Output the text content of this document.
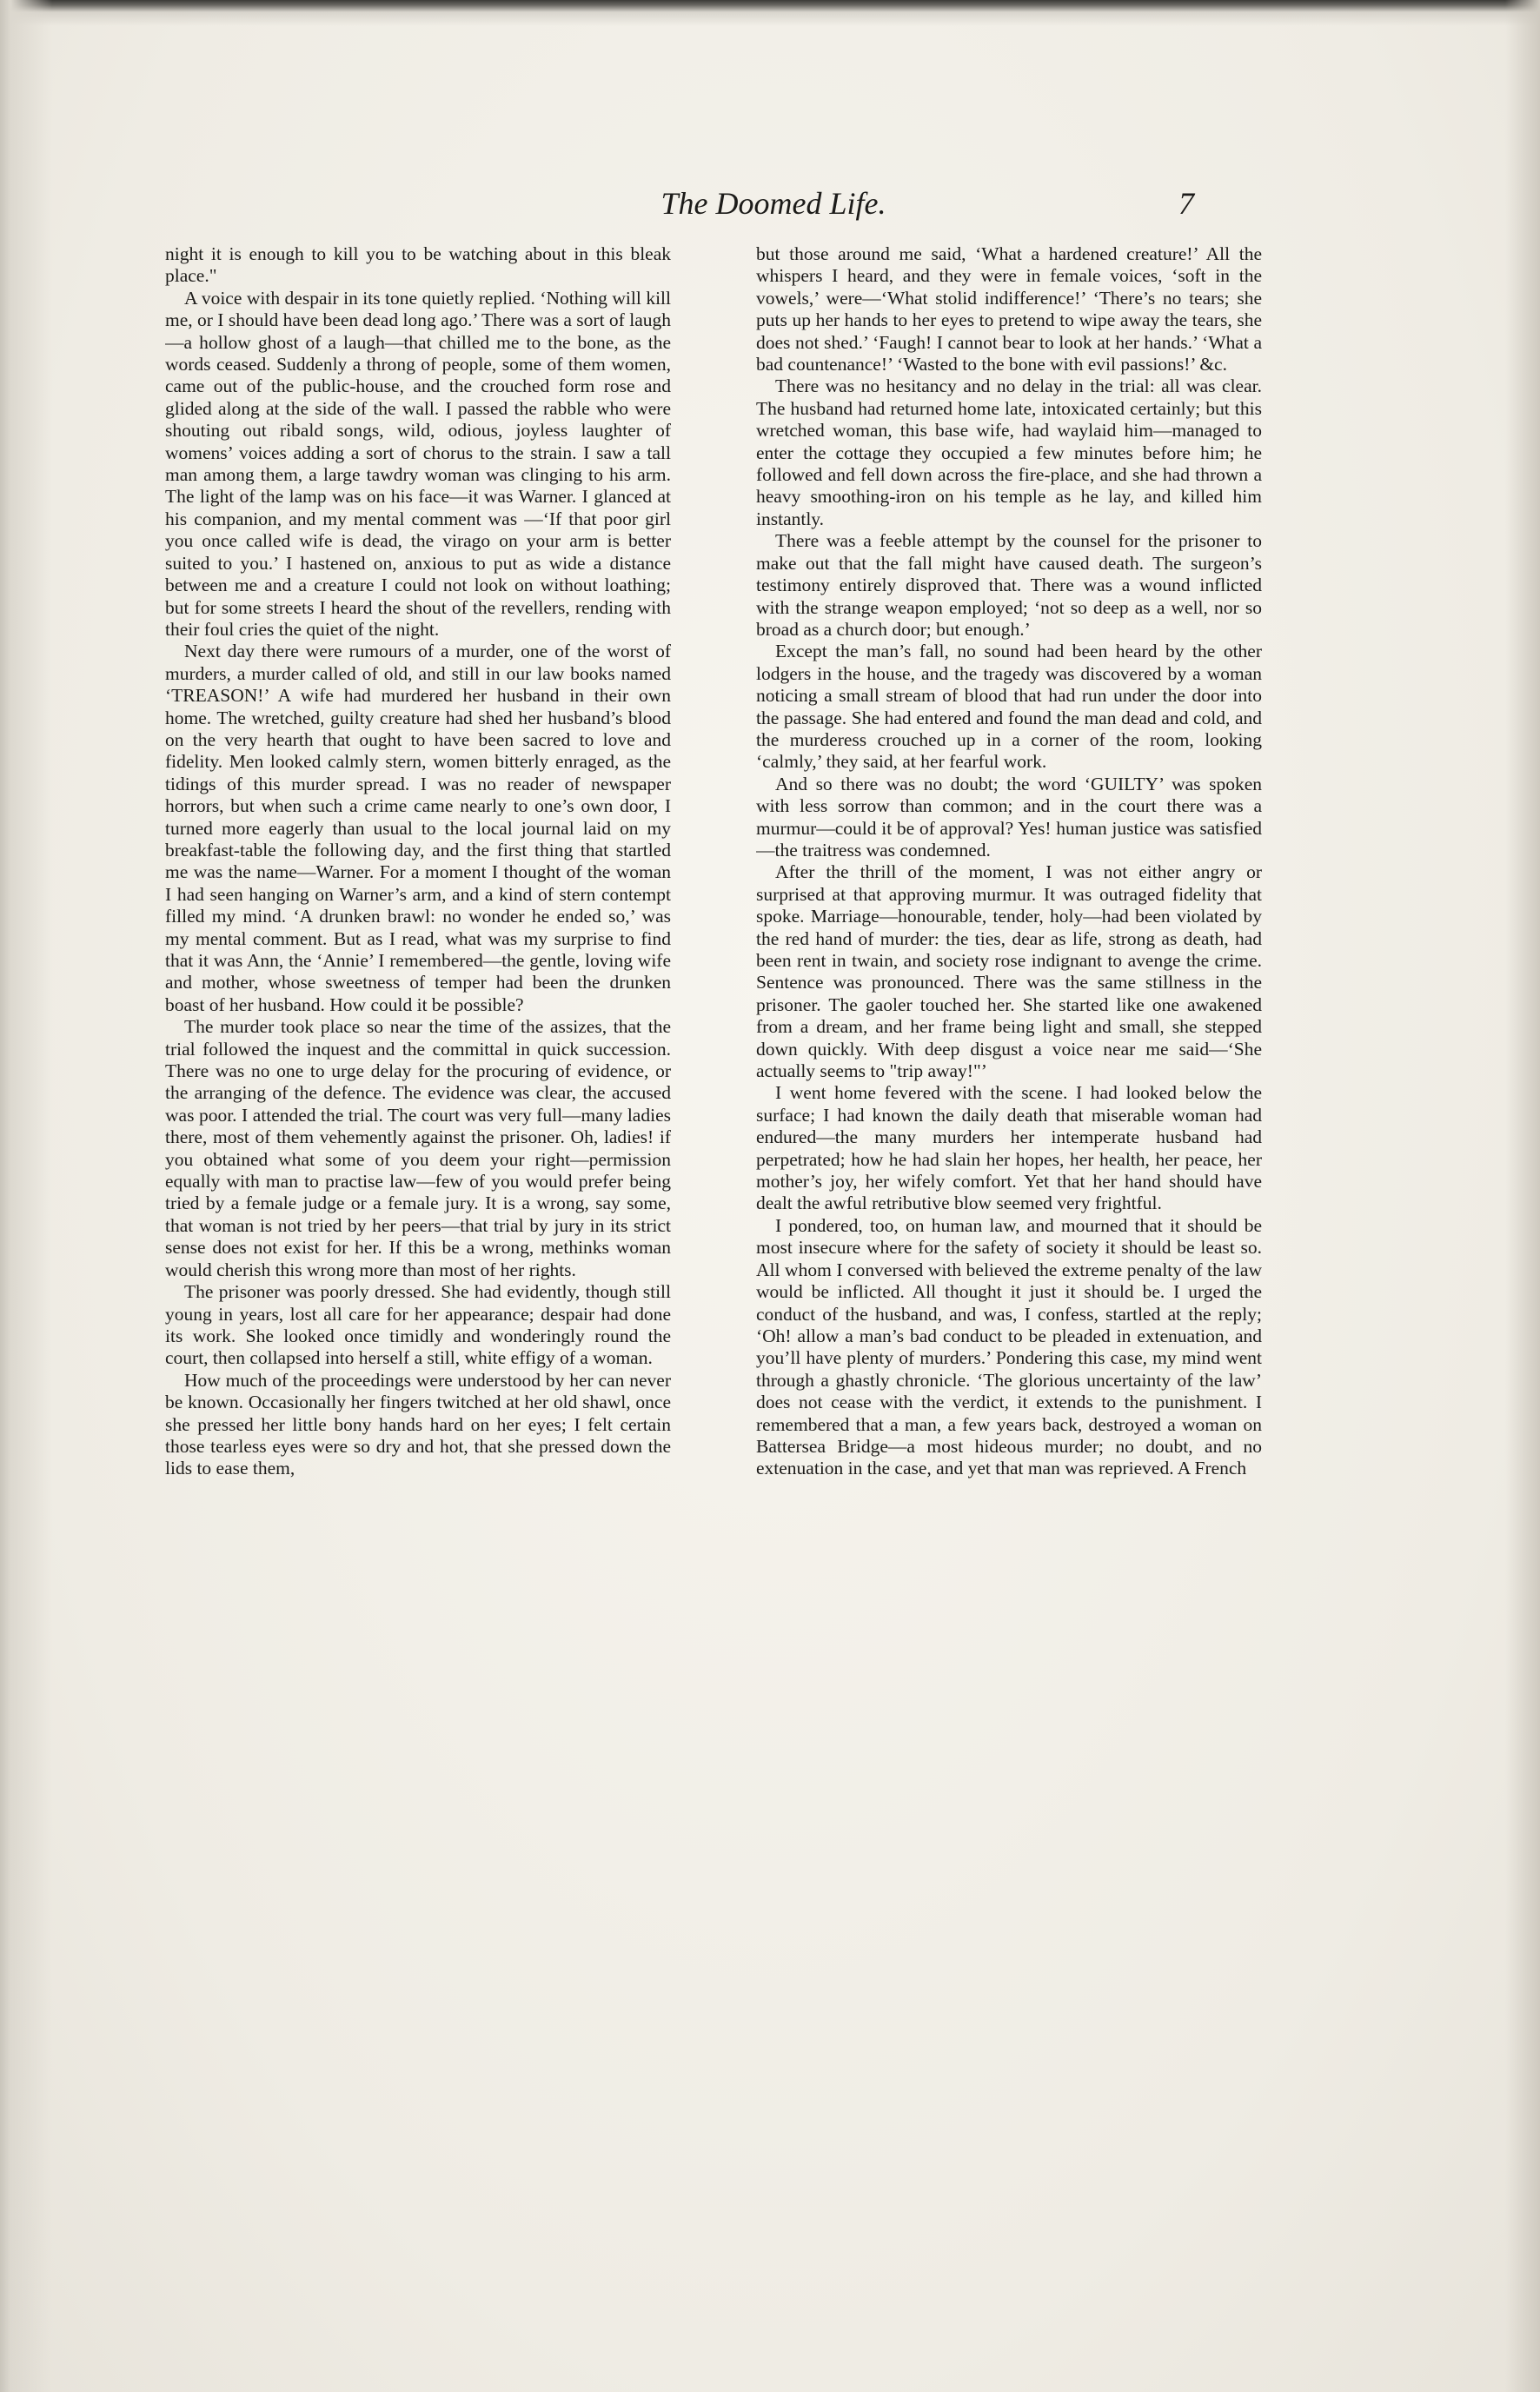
The Doomed Life.	7

night it is enough to kill you to be watching about in this bleak place."

A voice with despair in its tone quietly replied. ‘Nothing will kill me, or I should have been dead long ago.’ There was a sort of laugh —a hollow ghost of a laugh—that chilled me to the bone, as the words ceased. Suddenly a throng of people, some of them women, came out of the public-house, and the crouched form rose and glided along at the side of the wall. I passed the rabble who were shouting out ribald songs, wild, odious, joyless laughter of womens’ voices adding a sort of chorus to the strain. I saw a tall man among them, a large tawdry woman was clinging to his arm. The light of the lamp was on his face—it was Warner. I glanced at his companion, and my mental comment was —‘If that poor girl you once called wife is dead, the virago on your arm is better suited to you.’ I hastened on, anxious to put as wide a distance between me and a creature I could not look on without loathing; but for some streets I heard the shout of the revellers, rending with their foul cries the quiet of the night.

Next day there were rumours of a murder, one of the worst of murders, a murder called of old, and still in our law books named ‘TREASON!’ A wife had murdered her husband in their own home. The wretched, guilty creature had shed her husband’s blood on the very hearth that ought to have been sacred to love and fidelity. Men looked calmly stern, women bitterly enraged, as the tidings of this murder spread. I was no reader of newspaper horrors, but when such a crime came nearly to one’s own door, I turned more eagerly than usual to the local journal laid on my breakfast-table the following day, and the first thing that startled me was the name—Warner. For a moment I thought of the woman I had seen hanging on Warner’s arm, and a kind of stern contempt filled my mind. ‘A drunken brawl: no wonder he ended so,’ was my mental comment. But as I read, what was my surprise to find that it was Ann, the ‘Annie’ I remembered—the gentle, loving wife and mother, whose sweetness of temper had been the drunken boast of her husband. How could it be possible?

The murder took place so near the time of the assizes, that the trial followed the inquest and the committal in quick succession. There was no one to urge delay for the procuring of evidence, or the arranging of the defence. The evidence was clear, the accused was poor. I attended the trial. The court was very full—many ladies there, most of them vehemently against the prisoner. Oh, ladies! if you obtained what some of you deem your right—permission equally with man to practise law—few of you would prefer being tried by a female judge or a female jury. It is a wrong, say some, that woman is not tried by her peers—that trial by jury in its strict sense does not exist for her. If this be a wrong, methinks woman would cherish this wrong more than most of her rights.

The prisoner was poorly dressed. She had evidently, though still young in years, lost all care for her appearance; despair had done its work. She looked once timidly and wonderingly round the court, then collapsed into herself a still, white effigy of a woman.

How much of the proceedings were understood by her can never be known. Occasionally her fingers twitched at her old shawl, once she pressed her little bony hands hard on her eyes; I felt certain those tearless eyes were so dry and hot, that she pressed down the lids to ease them,

but those around me said, ‘What a hardened creature!’ All the whispers I heard, and they were in female voices, ‘soft in the vowels,’ were—‘What stolid indifference!’ ‘There’s no tears; she puts up her hands to her eyes to pretend to wipe away the tears, she does not shed.’ ‘Faugh! I cannot bear to look at her hands.’ ‘What a bad countenance!’ ‘Wasted to the bone with evil passions!’ &c.

There was no hesitancy and no delay in the trial: all was clear. The husband had returned home late, intoxicated certainly; but this wretched woman, this base wife, had waylaid him—managed to enter the cottage they occupied a few minutes before him; he followed and fell down across the fire-place, and she had thrown a heavy smoothing-iron on his temple as he lay, and killed him instantly.

There was a feeble attempt by the counsel for the prisoner to make out that the fall might have caused death. The surgeon’s testimony entirely disproved that. There was a wound inflicted with the strange weapon employed; ‘not so deep as a well, nor so broad as a church door; but enough.’

Except the man’s fall, no sound had been heard by the other lodgers in the house, and the tragedy was discovered by a woman noticing a small stream of blood that had run under the door into the passage. She had entered and found the man dead and cold, and the murderess crouched up in a corner of the room, looking ‘calmly,’ they said, at her fearful work.

And so there was no doubt; the word ‘GUILTY’ was spoken with less sorrow than common; and in the court there was a murmur—could it be of approval? Yes! human justice was satisfied—the traitress was condemned.

After the thrill of the moment, I was not either angry or surprised at that approving murmur. It was outraged fidelity that spoke. Marriage—honourable, tender, holy—had been violated by the red hand of murder: the ties, dear as life, strong as death, had been rent in twain, and society rose indignant to avenge the crime. Sentence was pronounced. There was the same stillness in the prisoner. The gaoler touched her. She started like one awakened from a dream, and her frame being light and small, she stepped down quickly. With deep disgust a voice near me said—‘She actually seems to "trip away!"’

I went home fevered with the scene. I had looked below the surface; I had known the daily death that miserable woman had endured—the many murders her intemperate husband had perpetrated; how he had slain her hopes, her health, her peace, her mother’s joy, her wifely comfort. Yet that her hand should have dealt the awful retributive blow seemed very frightful.

I pondered, too, on human law, and mourned that it should be most insecure where for the safety of society it should be least so. All whom I conversed with believed the extreme penalty of the law would be inflicted. All thought it just it should be. I urged the conduct of the husband, and was, I confess, startled at the reply; ‘Oh! allow a man’s bad conduct to be pleaded in extenuation, and you’ll have plenty of murders.’ Pondering this case, my mind went through a ghastly chronicle. ‘The glorious uncertainty of the law’ does not cease with the verdict, it extends to the punishment. I remembered that a man, a few years back, destroyed a woman on Battersea Bridge—a most hideous murder; no doubt, and no extenuation in the case, and yet that man was reprieved. A French
